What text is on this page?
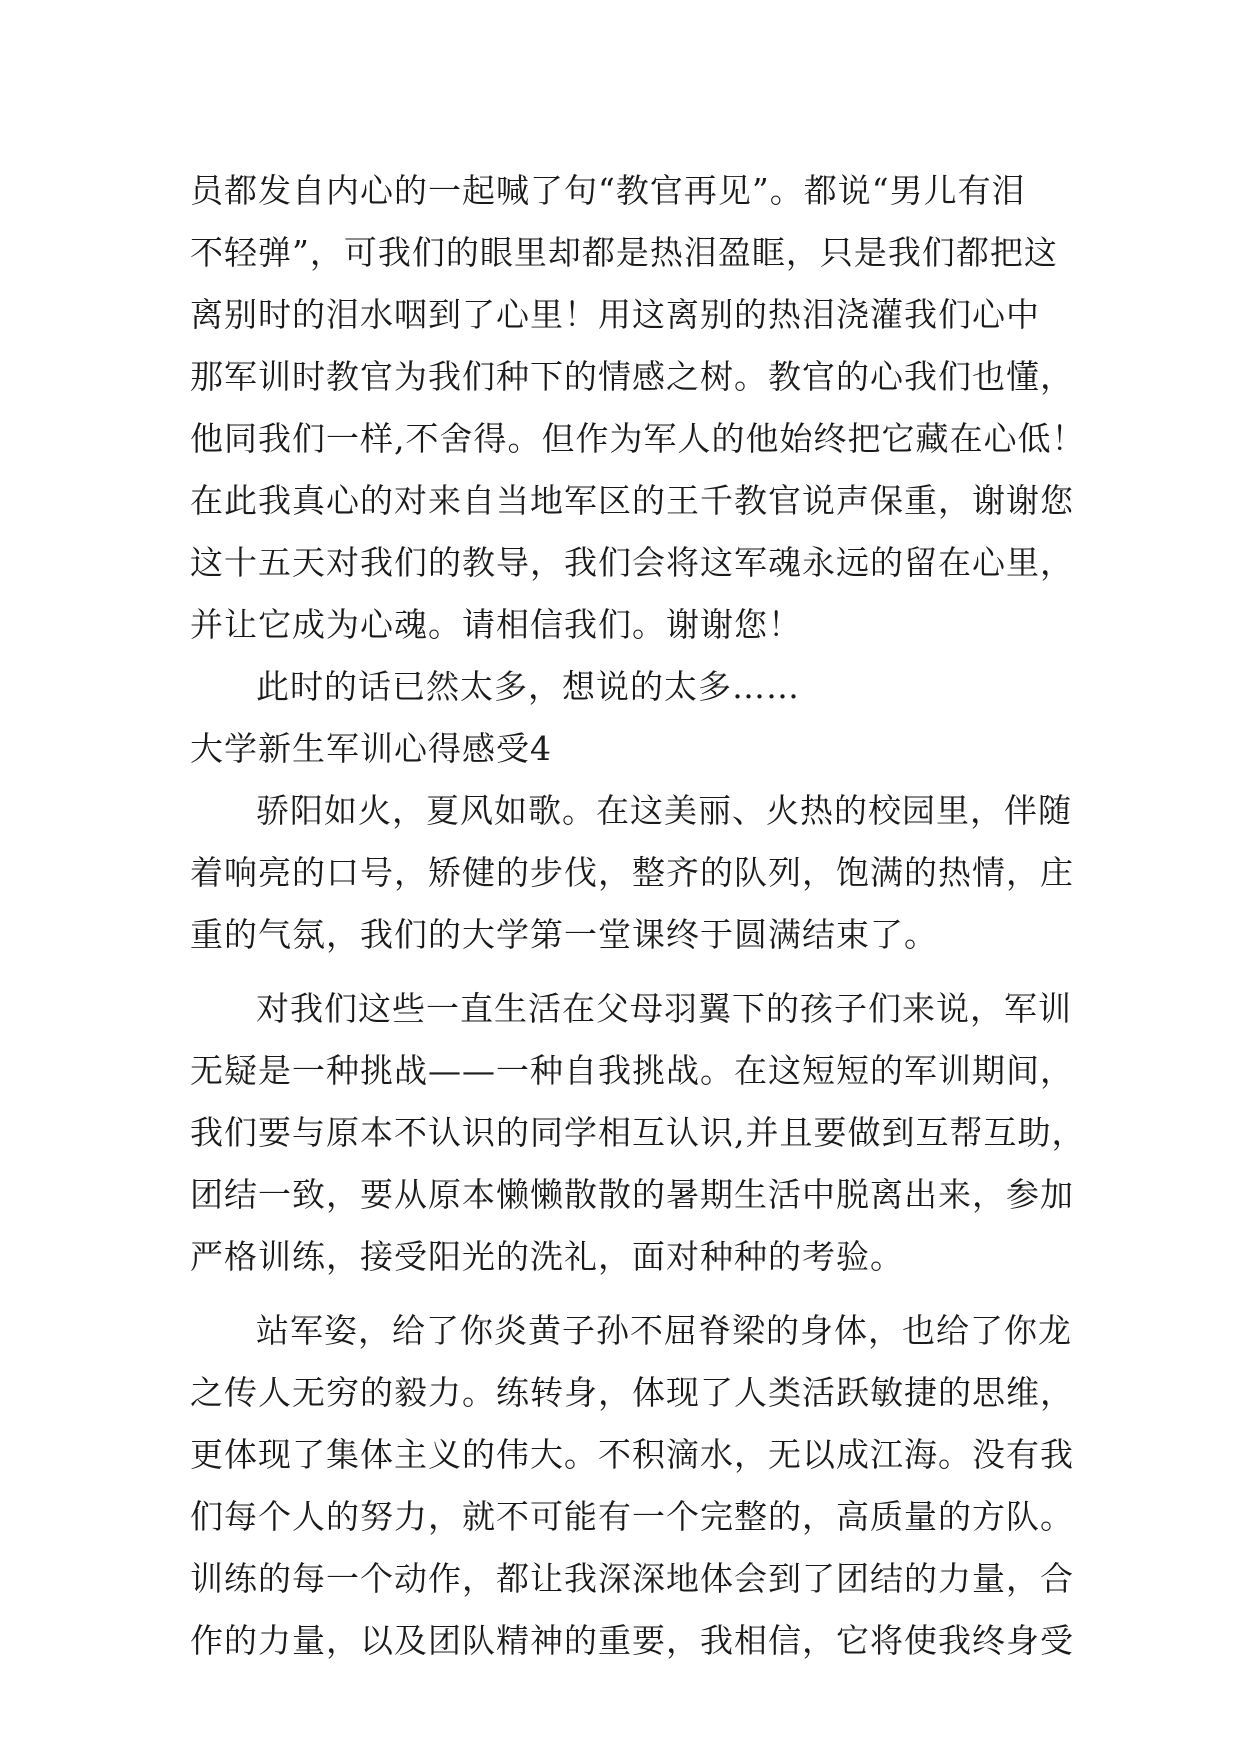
员都发自内心的一起喊了句“教官再见”。都说“男儿有泪
不轻弹”，可我们的眼里却都是热泪盈眶，只是我们都把这
离别时的泪水咽到了心里！用这离别的热泪浇灌我们心中
那军训时教官为我们种下的情感之树。教官的心我们也懂，
他同我们一样,不舍得。但作为军人的他始终把它藏在心低！
在此我真心的对来自当地军区的王千教官说声保重，谢谢您
这十五天对我们的教导，我们会将这军魂永远的留在心里，
并让它成为心魂。请相信我们。谢谢您！
此时的话已然太多，想说的太多……
大学新生军训心得感受4
骄阳如火，夏风如歌。在这美丽、火热的校园里，伴随
着响亮的口号，矫健的步伐，整齐的队列，饱满的热情，庄
重的气氛，我们的大学第一堂课终于圆满结束了。
对我们这些一直生活在父母羽翼下的孩子们来说，军训
无疑是一种挑战——一种自我挑战。在这短短的军训期间，
我们要与原本不认识的同学相互认识,并且要做到互帮互助，
团结一致，要从原本懒懒散散的暑期生活中脱离出来，参加
严格训练，接受阳光的洗礼，面对种种的考验。
站军姿，给了你炎黄子孙不屈脊梁的身体，也给了你龙
之传人无穷的毅力。练转身，体现了人类活跃敏捷的思维，
更体现了集体主义的伟大。不积滴水，无以成江海。没有我
们每个人的努力，就不可能有一个完整的，高质量的方队。
训练的每一个动作，都让我深深地体会到了团结的力量，合
作的力量，以及团队精神的重要，我相信，它将使我终身受
